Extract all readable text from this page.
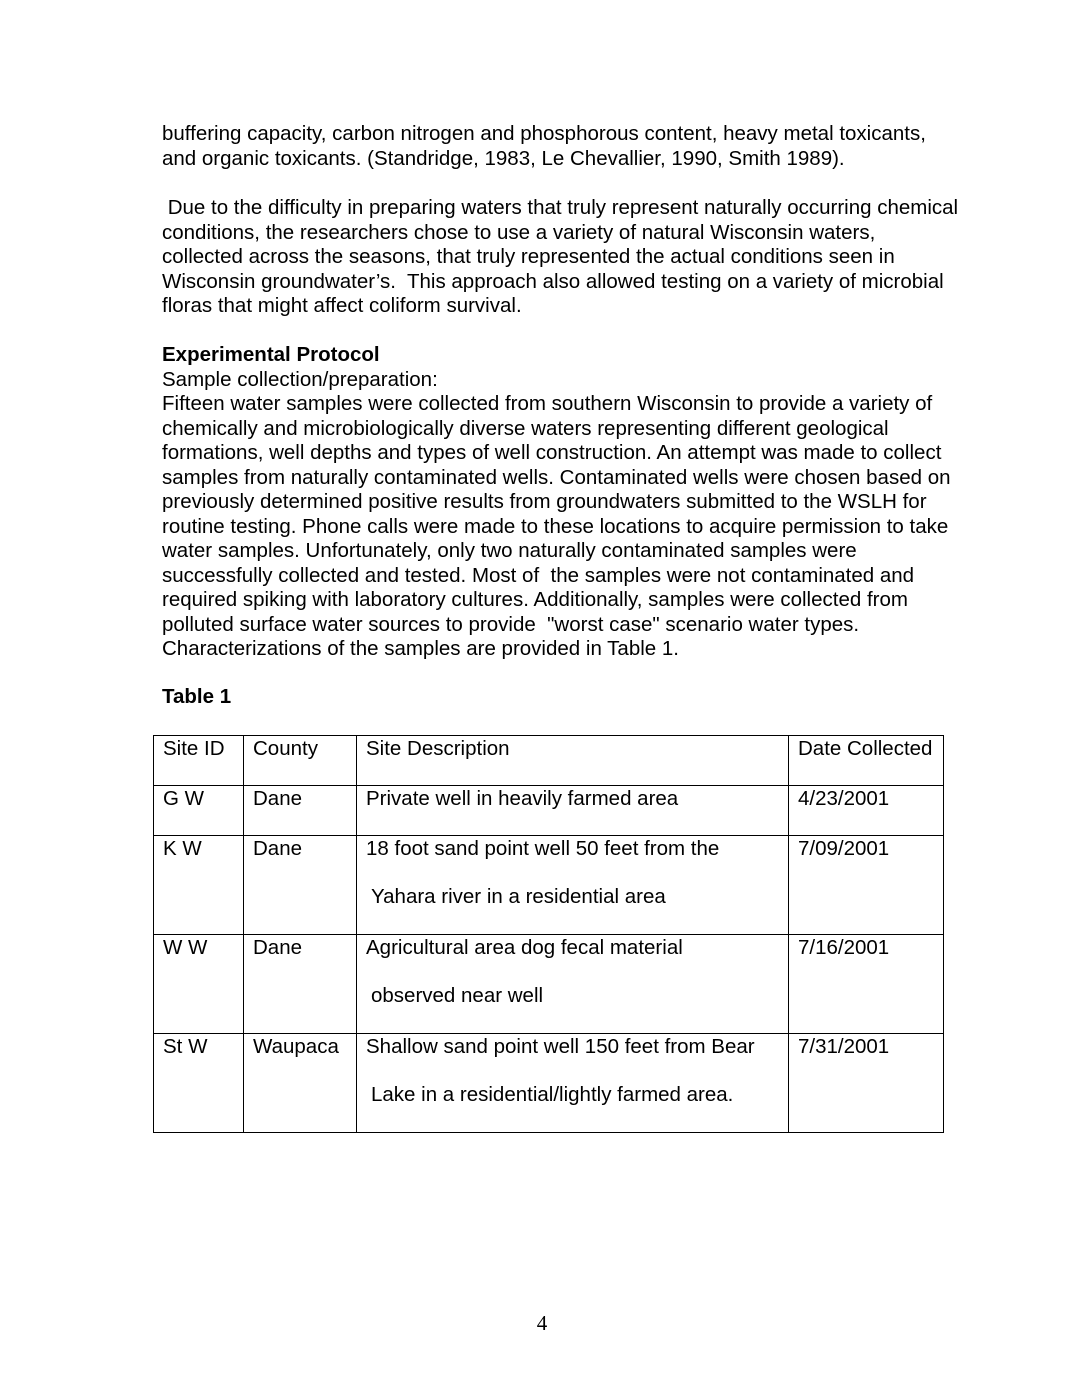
buffering capacity, carbon nitrogen and phosphorous content, heavy metal toxicants,
and organic toxicants. (Standridge, 1983, Le Chevallier, 1990, Smith 1989).
Due to the difficulty in preparing waters that truly represent naturally occurring chemical
conditions, the researchers chose to use a variety of natural Wisconsin waters,
collected across the seasons, that truly represented the actual conditions seen in
Wisconsin groundwater’s.  This approach also allowed testing on a variety of microbial
floras that might affect coliform survival.
Experimental Protocol
Sample collection/preparation:
Fifteen water samples were collected from southern Wisconsin to provide a variety of
chemically and microbiologically diverse waters representing different geological
formations, well depths and types of well construction. An attempt was made to collect
samples from naturally contaminated wells. Contaminated wells were chosen based on
previously determined positive results from groundwaters submitted to the WSLH for
routine testing. Phone calls were made to these locations to acquire permission to take
water samples. Unfortunately, only two naturally contaminated samples were
successfully collected and tested. Most of  the samples were not contaminated and
required spiking with laboratory cultures. Additionally, samples were collected from
polluted surface water sources to provide  "worst case" scenario water types.
Characterizations of the samples are provided in Table 1.
Table 1
Site ID	County	Site Description	Date Collected
G W	Dane	Private well in heavily farmed area	4/23/2001
K W	Dane	18 foot sand point well 50 feet from the
Yahara river in a residential area	7/09/2001
W W	Dane	Agricultural area dog fecal material
observed near well	7/16/2001
St W	Waupaca	Shallow sand point well 150 feet from Bear
Lake in a residential/lightly farmed area.	7/31/2001
4
